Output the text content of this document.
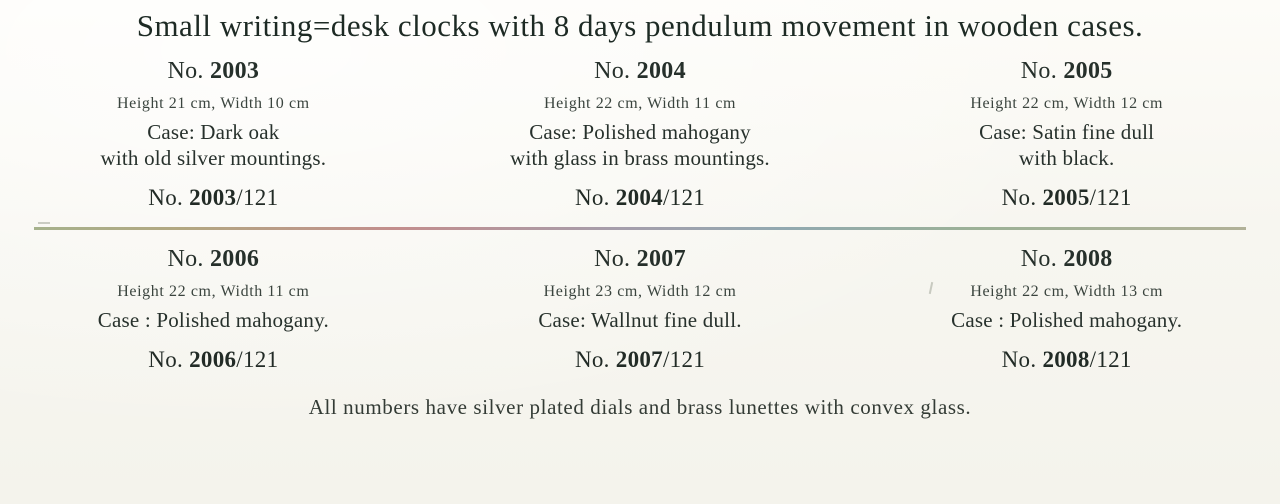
Small writing=desk clocks with 8 days pendulum movement in wooden cases.
No. 2003
Height 21 cm, Width 10 cm
Case: Dark oak
with old silver mountings.
No. 2003/121
No. 2004
Height 22 cm, Width 11 cm
Case: Polished mahogany
with glass in brass mountings.
No. 2004/121
No. 2005
Height 22 cm, Width 12 cm
Case: Satin fine dull
with black.
No. 2005/121
No. 2006
Height 22 cm, Width 11 cm
Case : Polished mahogany.
No. 2006/121
No. 2007
Height 23 cm, Width 12 cm
Case: Wallnut fine dull.
No. 2007/121
No. 2008
Height 22 cm, Width 13 cm
Case : Polished mahogany.
No. 2008/121
All numbers have silver plated dials and brass lunettes with convex glass.
